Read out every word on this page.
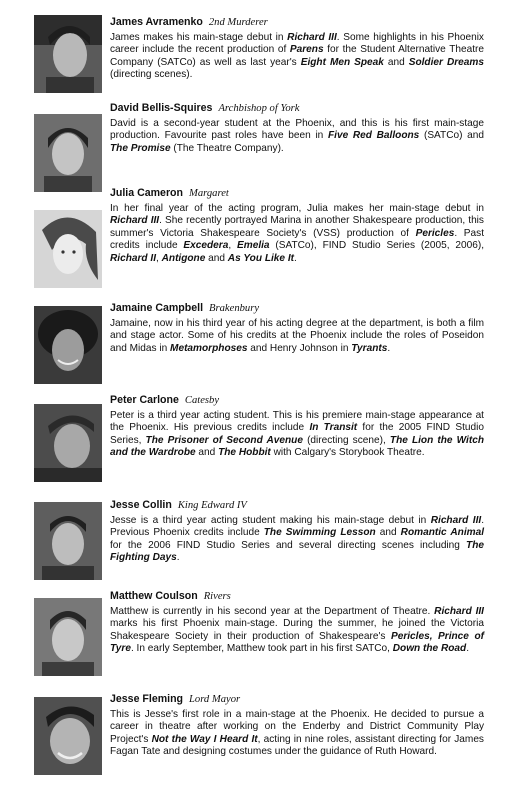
James Avramenko 2nd Murderer
James makes his main-stage debut in Richard III. Some highlights in his Phoenix career include the recent production of Parens for the Student Alternative Theatre Company (SATCo) as well as last year's Eight Men Speak and Soldier Dreams (directing scenes).
David Bellis-Squires Archbishop of York
David is a second-year student at the Phoenix, and this is his first main-stage production. Favourite past roles have been in Five Red Balloons (SATCo) and The Promise (The Theatre Company).
Julia Cameron Margaret
In her final year of the acting program, Julia makes her main-stage debut in Richard III. She recently portrayed Marina in another Shakespeare production, this summer's Victoria Shakespeare Society's (VSS) production of Pericles. Past credits include Excedera, Emelia (SATCo), FIND Studio Series (2005, 2006), Richard II, Antigone and As You Like It.
Jamaine Campbell Brakenbury
Jamaine, now in his third year of his acting degree at the department, is both a film and stage actor. Some of his credits at the Phoenix include the roles of Poseidon and Midas in Metamorphoses and Henry Johnson in Tyrants.
Peter Carlone Catesby
Peter is a third year acting student. This is his premiere main-stage appearance at the Phoenix. His previous credits include In Transit for the 2005 FIND Studio Series, The Prisoner of Second Avenue (directing scene), The Lion the Witch and the Wardrobe and The Hobbit with Calgary's Storybook Theatre.
Jesse Collin King Edward IV
Jesse is a third year acting student making his main-stage debut in Richard III. Previous Phoenix credits include The Swimming Lesson and Romantic Animal for the 2006 FIND Studio Series and several directing scenes including The Fighting Days.
Matthew Coulson Rivers
Matthew is currently in his second year at the Department of Theatre. Richard III marks his first Phoenix main-stage. During the summer, he joined the Victoria Shakespeare Society in their production of Shakespeare's Pericles, Prince of Tyre. In early September, Matthew took part in his first SATCo, Down the Road.
Jesse Fleming Lord Mayor
This is Jesse's first role in a main-stage at the Phoenix. He decided to pursue a career in theatre after working on the Enderby and District Community Play Project's Not the Way I Heard It, acting in nine roles, assistant directing for James Fagan Tate and designing costumes under the guidance of Ruth Howard.
